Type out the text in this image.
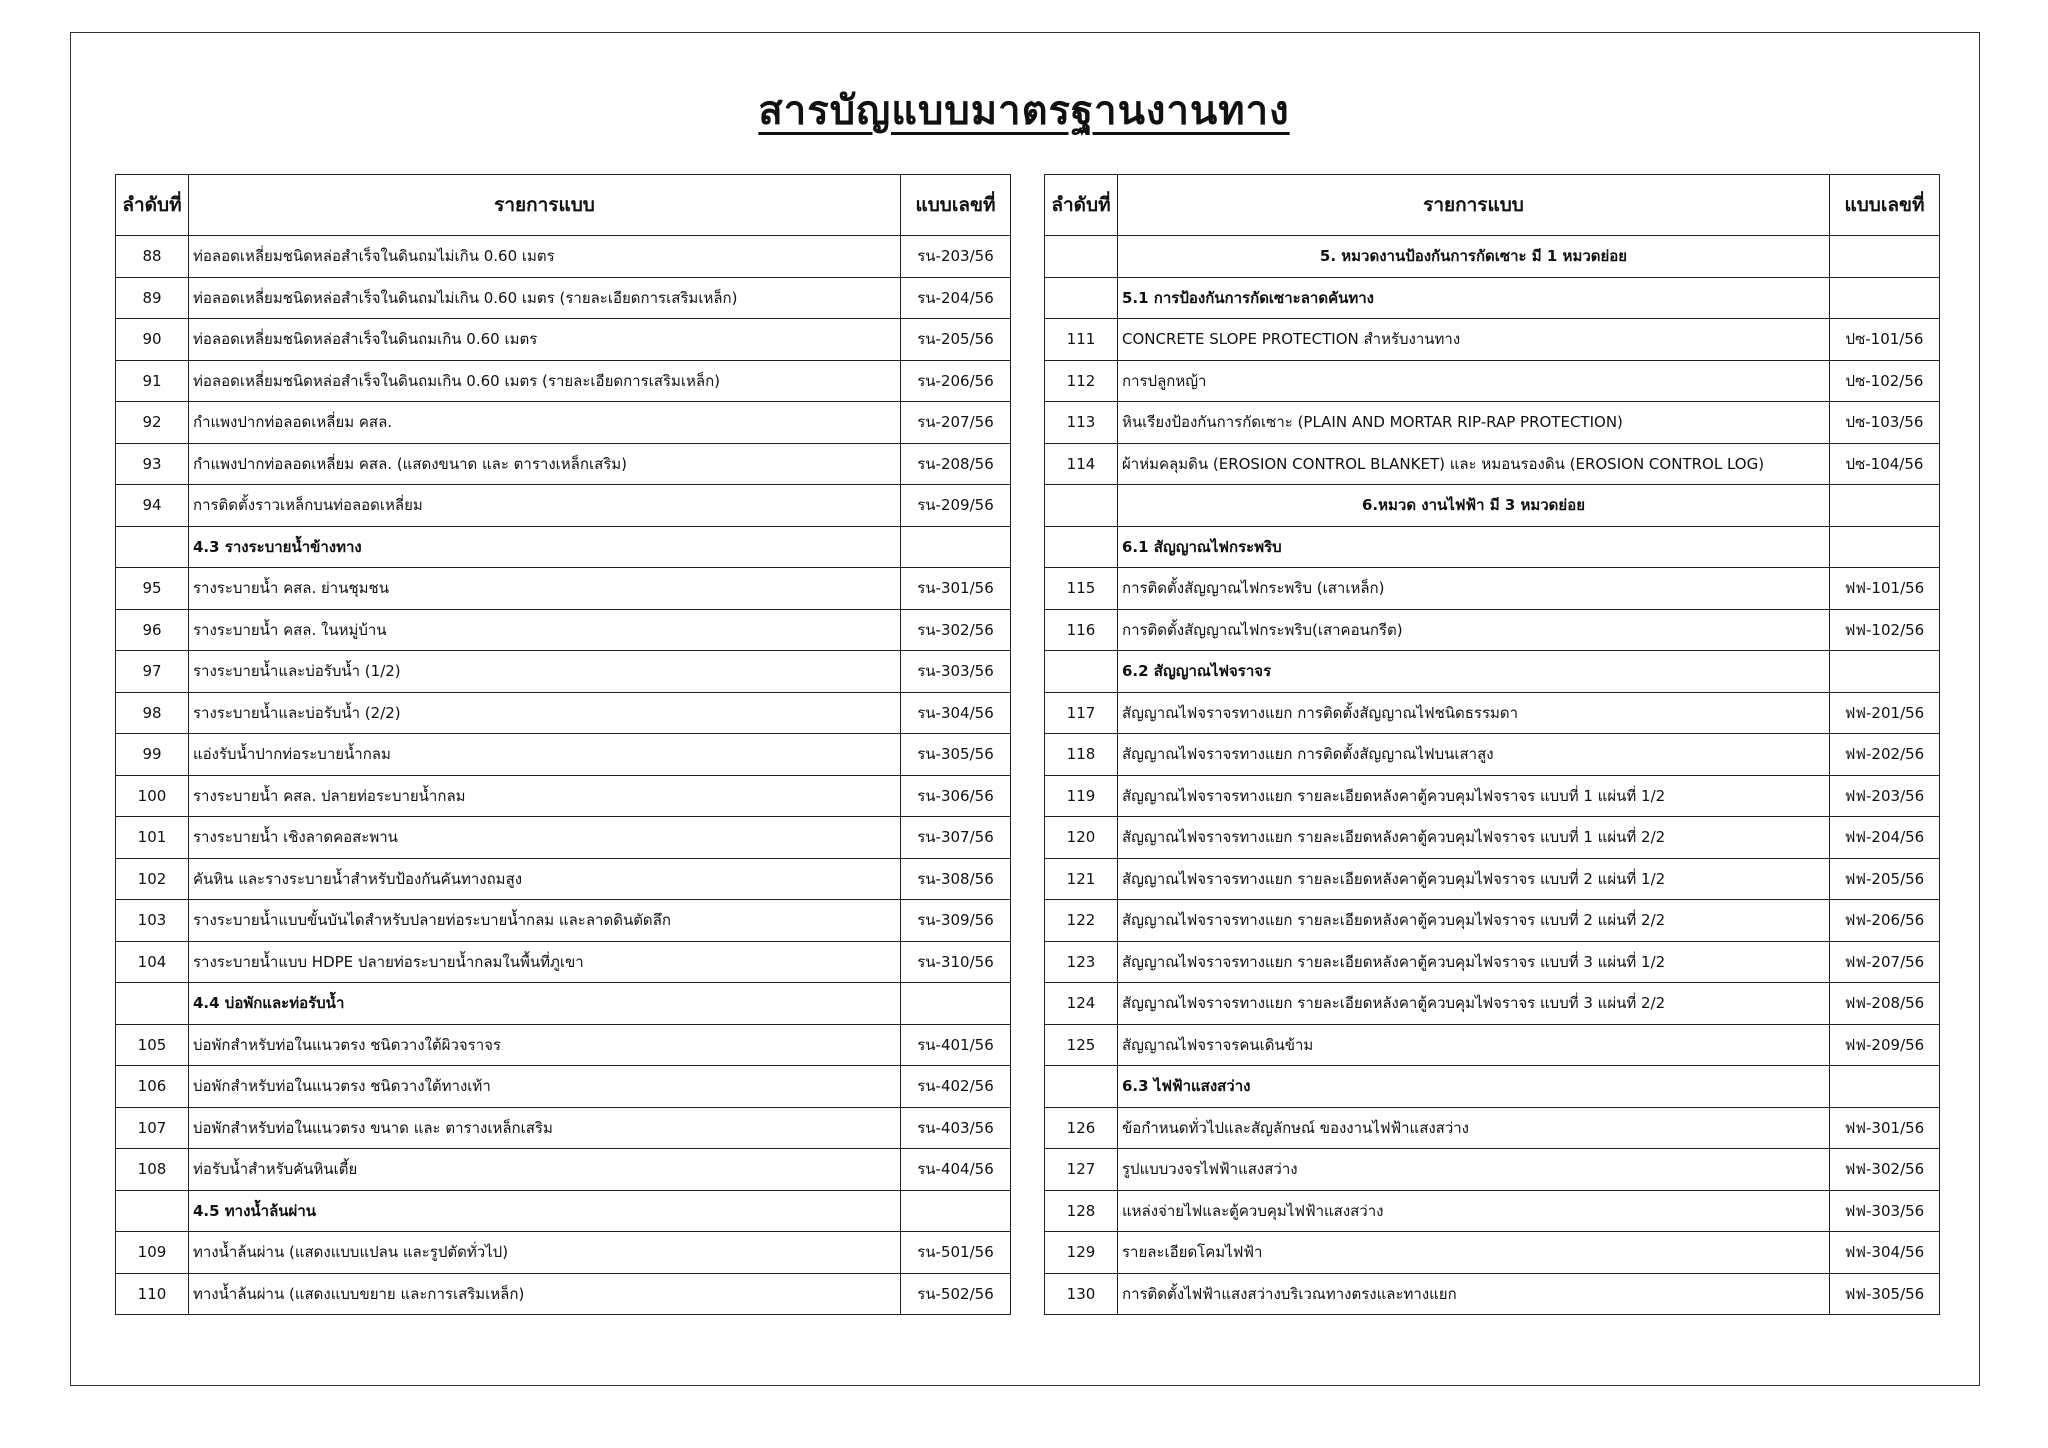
สารบัญแบบมาตรฐานงานทาง
ลำดับที่	รายการแบบ	แบบเลขที่
88	ท่อลอดเหลี่ยมชนิดหล่อสำเร็จในดินถมไม่เกิน 0.60 เมตร	รน-203/56
89	ท่อลอดเหลี่ยมชนิดหล่อสำเร็จในดินถมไม่เกิน 0.60 เมตร (รายละเอียดการเสริมเหล็ก)	รน-204/56
90	ท่อลอดเหลี่ยมชนิดหล่อสำเร็จในดินถมเกิน 0.60 เมตร	รน-205/56
91	ท่อลอดเหลี่ยมชนิดหล่อสำเร็จในดินถมเกิน 0.60 เมตร (รายละเอียดการเสริมเหล็ก)	รน-206/56
92	กำแพงปากท่อลอดเหลี่ยม คสล.	รน-207/56
93	กำแพงปากท่อลอดเหลี่ยม คสล. (แสดงขนาด และ ตารางเหล็กเสริม)	รน-208/56
94	การติดตั้งราวเหล็กบนท่อลอดเหลี่ยม	รน-209/56
	4.3 รางระบายน้ำข้างทาง	
95	รางระบายน้ำ คสล. ย่านชุมชน	รน-301/56
96	รางระบายน้ำ คสล. ในหมู่บ้าน	รน-302/56
97	รางระบายน้ำและบ่อรับน้ำ (1/2)	รน-303/56
98	รางระบายน้ำและบ่อรับน้ำ (2/2)	รน-304/56
99	แอ่งรับน้ำปากท่อระบายน้ำกลม	รน-305/56
100	รางระบายน้ำ คสล. ปลายท่อระบายน้ำกลม	รน-306/56
101	รางระบายน้ำ เชิงลาดคอสะพาน	รน-307/56
102	คันหิน และรางระบายน้ำสำหรับป้องกันคันทางถมสูง	รน-308/56
103	รางระบายน้ำแบบขั้นบันไดสำหรับปลายท่อระบายน้ำกลม และลาดดินตัดลึก	รน-309/56
104	รางระบายน้ำแบบ HDPE ปลายท่อระบายน้ำกลมในพื้นที่ภูเขา	รน-310/56
	4.4 บ่อพักและท่อรับน้ำ	
105	บ่อพักสำหรับท่อในแนวตรง ชนิดวางใต้ผิวจราจร	รน-401/56
106	บ่อพักสำหรับท่อในแนวตรง ชนิดวางใต้ทางเท้า	รน-402/56
107	บ่อพักสำหรับท่อในแนวตรง ขนาด และ ตารางเหล็กเสริม	รน-403/56
108	ท่อรับน้ำสำหรับคันหินเตี้ย	รน-404/56
	4.5 ทางน้ำล้นผ่าน	
109	ทางน้ำล้นผ่าน (แสดงแบบแปลน และรูปตัดทั่วไป)	รน-501/56
110	ทางน้ำล้นผ่าน (แสดงแบบขยาย และการเสริมเหล็ก)	รน-502/56
ลำดับที่	รายการแบบ	แบบเลขที่
	5. หมวดงานป้องกันการกัดเซาะ มี 1 หมวดย่อย	
	5.1 การป้องกันการกัดเซาะลาดคันทาง	
111	CONCRETE SLOPE PROTECTION สำหรับงานทาง	ปซ-101/56
112	การปลูกหญ้า	ปซ-102/56
113	หินเรียงป้องกันการกัดเซาะ (PLAIN AND MORTAR RIP-RAP PROTECTION)	ปซ-103/56
114	ผ้าห่มคลุมดิน (EROSION CONTROL BLANKET) และ หมอนรองดิน (EROSION CONTROL LOG)	ปซ-104/56
	6.หมวด งานไฟฟ้า มี 3 หมวดย่อย	
	6.1 สัญญาณไฟกระพริบ	
115	การติดตั้งสัญญาณไฟกระพริบ (เสาเหล็ก)	ฟฟ-101/56
116	การติดตั้งสัญญาณไฟกระพริบ(เสาคอนกรีต)	ฟฟ-102/56
	6.2 สัญญาณไฟจราจร	
117	สัญญาณไฟจราจรทางแยก การติดตั้งสัญญาณไฟชนิดธรรมดา	ฟฟ-201/56
118	สัญญาณไฟจราจรทางแยก การติดตั้งสัญญาณไฟบนเสาสูง	ฟฟ-202/56
119	สัญญาณไฟจราจรทางแยก รายละเอียดหลังคาตู้ควบคุมไฟจราจร แบบที่ 1 แผ่นที่ 1/2	ฟฟ-203/56
120	สัญญาณไฟจราจรทางแยก รายละเอียดหลังคาตู้ควบคุมไฟจราจร แบบที่ 1 แผ่นที่ 2/2	ฟฟ-204/56
121	สัญญาณไฟจราจรทางแยก รายละเอียดหลังคาตู้ควบคุมไฟจราจร แบบที่ 2 แผ่นที่ 1/2	ฟฟ-205/56
122	สัญญาณไฟจราจรทางแยก รายละเอียดหลังคาตู้ควบคุมไฟจราจร แบบที่ 2 แผ่นที่ 2/2	ฟฟ-206/56
123	สัญญาณไฟจราจรทางแยก รายละเอียดหลังคาตู้ควบคุมไฟจราจร แบบที่ 3 แผ่นที่ 1/2	ฟฟ-207/56
124	สัญญาณไฟจราจรทางแยก รายละเอียดหลังคาตู้ควบคุมไฟจราจร แบบที่ 3 แผ่นที่ 2/2	ฟฟ-208/56
125	สัญญาณไฟจราจรคนเดินข้าม	ฟฟ-209/56
	6.3 ไฟฟ้าแสงสว่าง	
126	ข้อกำหนดทั่วไปและสัญลักษณ์ ของงานไฟฟ้าแสงสว่าง	ฟฟ-301/56
127	รูปแบบวงจรไฟฟ้าแสงสว่าง	ฟฟ-302/56
128	แหล่งจ่ายไฟและตู้ควบคุมไฟฟ้าแสงสว่าง	ฟฟ-303/56
129	รายละเอียดโคมไฟฟ้า	ฟฟ-304/56
130	การติดตั้งไฟฟ้าแสงสว่างบริเวณทางตรงและทางแยก	ฟฟ-305/56
